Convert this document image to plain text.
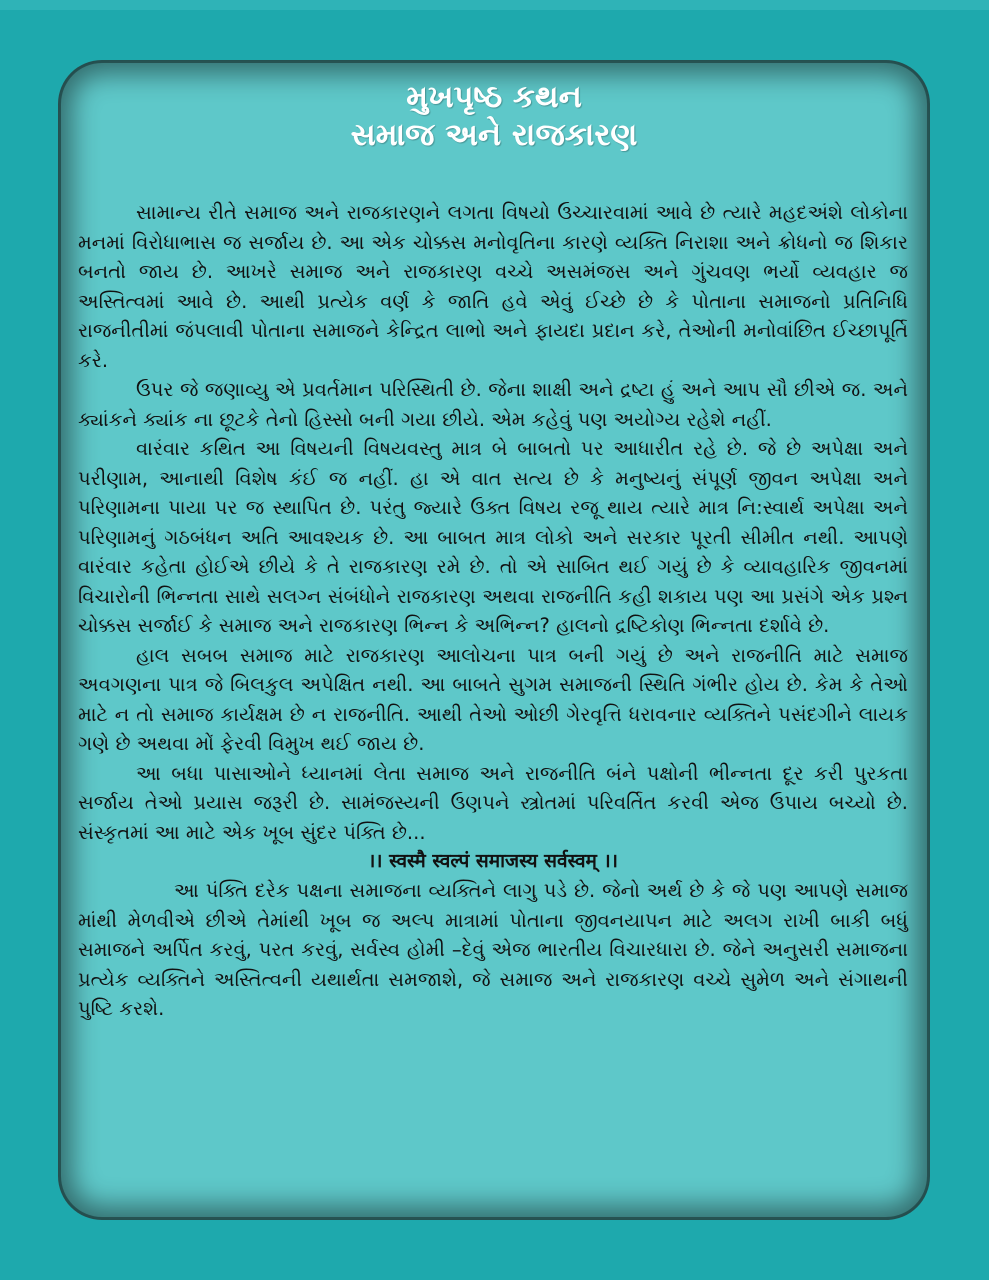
મુખપૃષ્ઠ કથન
સમાજ અને રાજકારણ

સામાન્ય રીતે સમાજ અને રાજકારણને લગતા વિષયો ઉચ્ચારવામાં આવે છે ત્યારે મહદઅંશે લોકોના મનમાં વિરોધાભાસ જ સર્જાય છે. આ એક ચોક્કસ મનોવૃતિના કારણે વ્યક્તિ નિરાશા અને ક્રોધનો જ શિકાર બનતો જાય છે. આખરે સમાજ અને રાજકારણ વચ્ચે અસમંજસ અને ગુંચવણ ભર્યો વ્યવહાર જ અસ્તિત્વમાં આવે છે. આથી પ્રત્યેક વર્ણ કે જાતિ હવે એવું ઈચ્છે છે કે પોતાના સમાજનો પ્રતિનિધિ રાજનીતીમાં જંપલાવી પોતાના સમાજને કેન્દ્રિત લાભો અને ફાયદા પ્રદાન કરે, તેઓની મનોવાંછિત ઈચ્છાપૂર્તિ કરે.

ઉપર જે જણાવ્યુ એ પ્રવર્તમાન પરિસ્થિતી છે. જેના શાક્ષી અને દ્રષ્ટા હું અને આપ સૌ છીએ જ. અને ક્યાંકને ક્યાંક ના છૂટકે તેનો હિસ્સો બની ગયા છીયે. એમ કહેવું પણ અયોગ્ય રહેશે નહીં.

વારંવાર કથિત આ વિષયની વિષયવસ્તુ માત્ર બે બાબતો પર આધારીત રહે છે. જે છે અપેક્ષા અને પરીણામ, આનાથી વિશેષ કંઈ જ નહીં. હા એ વાત સત્ય છે કે મનુષ્યનું સંપૂર્ણ જીવન અપેક્ષા અને પરિણામના પાયા પર જ સ્થાપિત છે. પરંતુ જ્યારે ઉક્ત વિષય રજૂ થાય ત્યારે માત્ર નિ:સ્વાર્થ અપેક્ષા અને પરિણામનું ગઠબંધન અતિ આવશ્યક છે. આ બાબત માત્ર લોકો અને સરકાર પૂરતી સીમીત નથી. આપણે વારંવાર કહેતા હોઈએ છીયે કે તે રાજકારણ રમે છે. તો એ સાબિત થઈ ગયું છે કે વ્યાવહારિક જીવનમાં વિચારોની ભિન્નતા સાથે સલગ્ન સંબંધોને રાજકારણ અથવા રાજનીતિ કહી શકાય પણ આ પ્રસંગે એક પ્રશ્ન ચોક્કસ સર્જાઈ કે સમાજ અને રાજકારણ ભિન્ન કે અભિન્ન? હાલનો દ્રષ્ટિકોણ ભિન્નતા દર્શાવે છે.

હાલ સબબ સમાજ માટે રાજકારણ આલોચના પાત્ર બની ગયું છે અને રાજનીતિ માટે સમાજ અવગણના પાત્ર જે બિલકુલ અપેક્ષિત નથી. આ બાબતે સુગમ સમાજની સ્થિતિ ગંભીર હોય છે. કેમ કે તેઓ માટે ન તો સમાજ કાર્યક્ષમ છે ન રાજનીતિ. આથી તેઓ ઓછી ગેરવૃત્તિ ધરાવનાર વ્યક્તિને પસંદગીને લાયક ગણે છે અથવા મોં ફેરવી વિમુખ થઈ જાય છે.

આ બધા પાસાઓને ધ્યાનમાં લેતા સમાજ અને રાજનીતિ બંને પક્ષોની ભીન્નતા દૂર કરી પુરકતા સર્જાય તેઓ પ્રયાસ જરૂરી છે. સામંજસ્યની ઉણપને સ્ત્રોતમાં પરિવર્તિત કરવી એજ ઉપાય બચ્યો છે. સંસ્કૃતમાં આ માટે એક ખૂબ સુંદર પંક્તિ છે...

।। स्वस्मै स्वल्पं समाजस्य सर्वस्वम् ।।

આ પંક્તિ દરેક પક્ષના સમાજના વ્યક્તિને લાગુ પડે છે. જેનો અર્થ છે કે જે પણ આપણે સમાજ માંથી મેળવીએ છીએ તેમાંથી ખૂબ જ અલ્પ માત્રામાં પોતાના જીવનયાપન માટે અલગ રાખી બાકી બધું સમાજને અર્પિત કરવું, પરત કરવું, સર્વસ્વ હોમી –દેવું એજ ભારતીય વિચારધારા છે. જેને અનુસરી સમાજના પ્રત્યેક વ્યક્તિને અસ્તિત્વની યથાર્થતા સમજાશે, જે સમાજ અને રાજકારણ વચ્ચે સુમેળ અને સંગાથની પુષ્ટિ કરશે.
